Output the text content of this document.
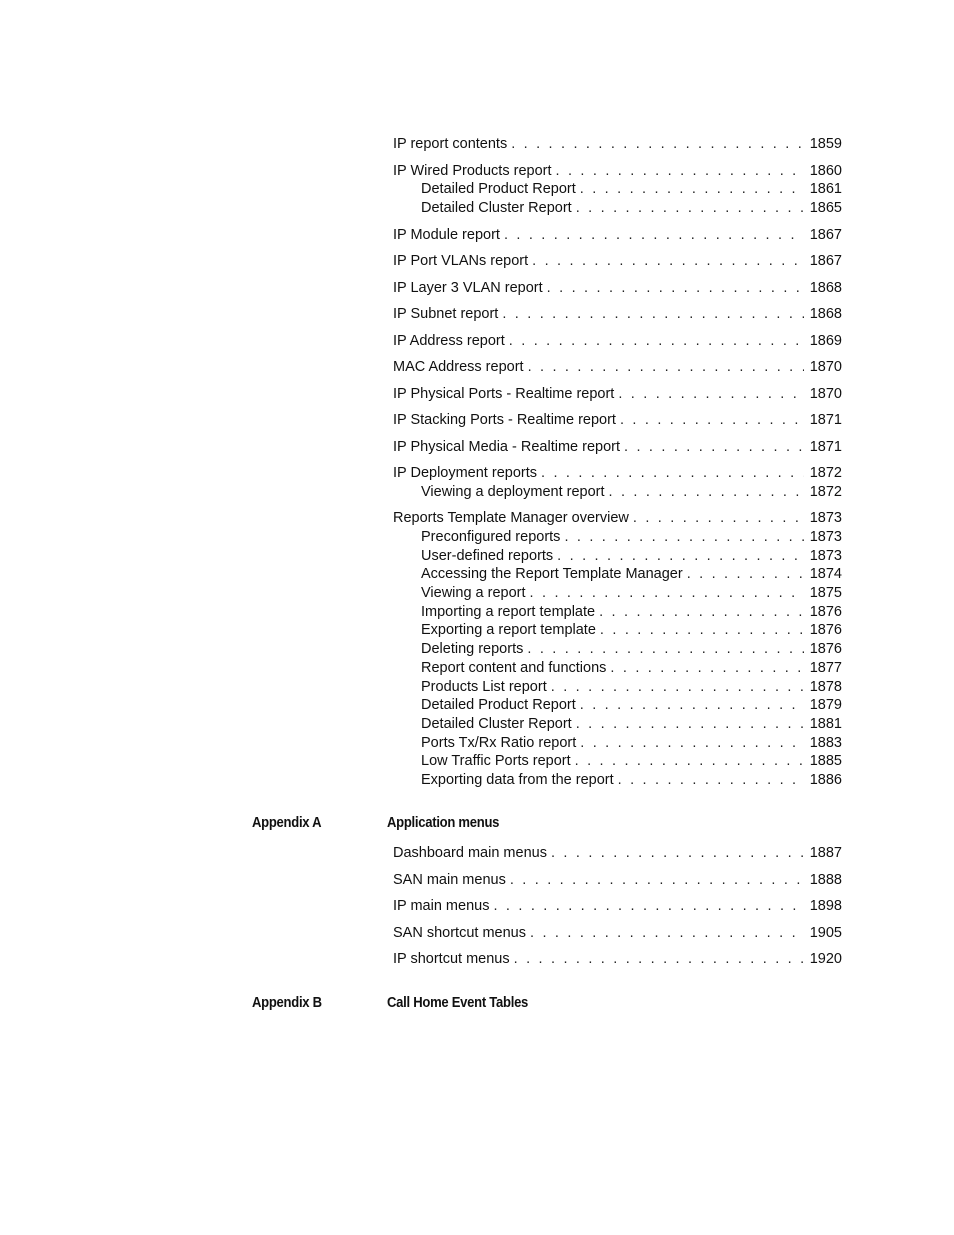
IP report contents . . .	1859
IP Wired Products report . . .	1860
Detailed Product Report . . .	1861
Detailed Cluster Report . . .	1865
IP Module report . . .	1867
IP Port VLANs report . . .	1867
IP Layer 3 VLAN report . . .	1868
IP Subnet report . . .	1868
IP Address report . . .	1869
MAC Address report . . .	1870
IP Physical Ports - Realtime report . . .	1870
IP Stacking Ports - Realtime report . . .	1871
IP Physical Media - Realtime report . . .	1871
IP Deployment reports . . .	1872
Viewing a deployment report . . .	1872
Reports Template Manager overview . . .	1873
Preconfigured reports . . .	1873
User-defined reports . . .	1873
Accessing the Report Template Manager . . .	1874
Viewing a report . . .	1875
Importing a report template . . .	1876
Exporting a report template . . .	1876
Deleting reports . . .	1876
Report content and functions . . .	1877
Products List report . . .	1878
Detailed Product Report . . .	1879
Detailed Cluster Report . . .	1881
Ports Tx/Rx Ratio report . . .	1883
Low Traffic Ports report . . .	1885
Exporting data from the report . . .	1886
Appendix A	Application menus
Dashboard main menus . . .	1887
SAN main menus . . .	1888
IP main menus . . .	1898
SAN shortcut menus . . .	1905
IP shortcut menus . . .	1920
Appendix B	Call Home Event Tables
